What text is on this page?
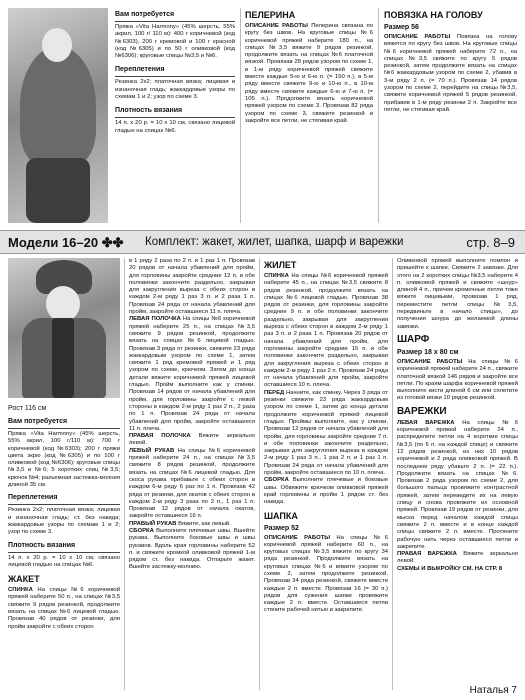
Вам потребуется

Пряжа «Vita Harmony» (45% шерсть, 55% акрил, 100 г/ 110 м): 400 г коричневой (код №6303), 200 г кремовой и 100 г красной (код №6305) и по 50 г оливковой (код №6306); круговые спицы №3,5 и №6.

Переплетения

Резинка 2х2; платочная вязка; лицевая и изнаночная гладь; жаккардовые узоры по схемам 1 и 2; узор по схеме 3.

Плотность вязания

14 п. х 20 р. = 10 х 10 см, связано лицевой гладью на спицах №6.

ПЕЛЕРИНА

ОПИСАНИЕ РАБОТЫ Пелерина связана по кругу без швов. На круговые спицы №6 коричневой пряжей наберите 180 п., на спицах №3,5 вяжите 9 рядов резинкой, продолжите вязать на спицах №6 платочной вязкой. Провязав 28 рядов узором по схеме 1, в 1-м ряду коричневой пряжей свяжите вместе каждые 5-ю и 6-ю п. (= 150 п.), в 5-м ряду вместе свяжите 9-ю и 10-ю п., в 10-м ряду вместе свяжите каждые 6-ю и 7-ю п. (= 105 п.). Продолжите вязать коричневой пряжей узором по схеме 3. Провязав 82 ряда узором по схеме 3, свяжите резинкой и закройте все петли, не стягивая край.

ПОВЯЗКА НА ГОЛОВУ
Размер 56

ОПИСАНИЕ РАБОТЫ Повязка на голову вяжется по кругу без швов. На круговые спицы №6 коричневой пряжей наберите 72 п., на спицах №3,5 свяжите по кругу 5 рядов резинкой, затем продолжите вязать на спицах №6 жаккардовым узором по схеме 2, убавив в 3-м ряду 2 п. (= 70 п.). Провязав 14 рядов узором по схеме 2, перейдите на спицы №3,5, свяжите коричневой пряжей 5 рядов резинкой, прибавив в 1-м ряду резинки 2 п. Закройте все петли, не стягивая край.

Модели 16–20 ✤✤ Комплект: жакет, жилет, шапка, шарф и варежки	стр. 8–9
Рост 116 см
Вам потребуется

Пряжа «Vita Harmony» (45% шерсть, 55% акрил, 100 г/110 м): 700 г коричневой (код №6303); 200 г пряжи цвета экрю (код №6305) и по 100 г оливковой (код №6306); круговые спицы №3,5 и №6; 5 коротких спиц №3,5; крючок №4; разъемная застежка-молния длиной 35 см.

Переплетения

Резинка 2х2; платочная вязка; лицевая и изнаночная гладь; ст. без накида; жаккардовые узоры по схемам 1 и 2; узор по схеме 3.

Плотность вязания

14 п. х 20 р. = 10 х 10 см, связано лицевой гладью на спицах №6.

ЖАКЕТ

СПИНКА На спицы №6 коричневой пряжей наберите 50 п., на спицах №3,5 свяжите 9 рядов резинкой, продолжите вязать на спицах №6 лицевой гладью. Провязав 40 рядов от резинки, для пройм закройте с обеих сторон

в 1 ряду 2 раза по 2 п. и 1 раз 1 п. Провязав 20 рядов от начала убавлений для пройм, для горловины закройте средние 12 п. и обе половинки закончите раздельно, закрывая для закругления выреза с обеих сторон в каждом 2-м ряду 1 раз 3 п. и 2 раза 1 п. Провязав 24 ряда от начала убавлений для пройм, закройте оставшиеся 11 п. плеча.

ЛЕВАЯ ПОЛОЧКА На спицы №6 коричневой пряжей наберите 25 п., на спицах №3,5 свяжите 9 рядов резинкой, продолжите вязать на спицах №6 лицевой гладью. Провязав 3 ряда от резинки, свяжите 23 ряда жаккардовым узором по схеме 1, затем свяжите 1 ряд кремовой пряжей и 1 ряд узором по схеме, крючком. Затем до конца детали вяжите коричневой пряжей лицевой гладью. Пройм выполните как у спинки. Провязав 14 рядов от начала убавлений для пройм, для горловины закройте с левой стороны в каждом 2-м ряду 1 раз 2 п., 2 раза по 1 п. Провязав 24 ряда от начала убавлений для пройм, закройте оставшиеся 11 п. плеча.

ПРАВАЯ ПОЛОЧКА Вяжите зеркально левой.

ЛЕВЫЙ РУКАВ На спицы №6 коричневой пряжей наберите 24 п., на спицах №3,5 свяжите 8 рядов резинкой, продолжите вязать на спицах №6 лицевой гладью. Для скоса рукава прибавьте с обеих сторон в каждом 6-м ряду 6 раз по 1 п. Провязав 42 ряда от резинки, для окатов с обеих сторон в каждом 2-м ряду 3 раза по 2 п., 1 раз 1 п. Провязав 12 рядов от начала окатов, закройте оставшиеся 16 п.

ПРАВЫЙ РУКАВ Вяжите, как левый.

СБОРКА Выполните плечевые швы. Вшейте рукава. Выполните боковые швы и швы рукавов. Вдоль края горловины наберите 52 п. и свяжите кромкой оливковой пряжей 1-м рядом ст. без накида. Отпарьте жакет. Вшейте застежку-молнию.

ЖИЛЕТ

СПИНКА На спицы №6 коричневой пряжей наберите 45 п., на спицах №3,5 свяжите 8 рядов резинкой, продолжите вязать на спицах №6 лицевой гладью. Провязав 38 рядов от резинки, для горловины закройте средние 9 п. и обе половинки закончите раздельно, закрывая для закругления выреза с обеих сторон в каждом 2-м ряду 1 раз 3 п. и 2 раза 1 п. Провязав 20 рядов от начала убавлений для пройм, для горловины закройте средние 15 п. и обе половинки закончите раздельно, закрывая для закругления выреза с обеих сторон в каждом 2-м ряду 1 раз 2 п. Провязав 24 ряда от начала убавлений для пройм, закройте оставшиеся 10 п. плеча.

ПЕРЕД Начните, как спинку. Через 3 ряда от резинки свяжите 23 ряда жаккардовым узором по схеме 1, затем до конца детали продолжите коричневой пряжей лицевой гладью. Проймы выполните, как у спинки. Провязав 12 рядов от начала убавлений для пройм, для горловины закройте средние 7 п. и обе половинки закончите раздельно, закрывая для закругления выреза в каждом 2-м ряду 1 раз 3 п., 1 раз 2 п. и 1 раз 1 п. Провязав 24 ряда от начала убавлений для пройм, закройте оставшиеся по 10 п. плеча.

СБОРКА Выполните плечевые и боковые швы. Обвяжите крючком оливковой пряжей край горловины и пройм 1 рядом ст. без накида.

ШАПКА
Размер 52

ОПИСАНИЕ РАБОТЫ На спицы №6 коричневой пряжей наберите 60 п., на круговых спицах №3,5 вяжите по кругу 34 ряда резинкой. Продолжите вязать на круговых спицах №6 и вяжите узором по схеме 2, затем продолжите резинкой. Провязав 34 ряда резинкой, свяжите вместе каждые 2 п. вместе. Провязав 16 (= 30 п.) рядов для сужения шапки провяжите каждые 2 п. вместе. Оставшиеся петли стяните рабочей нитью и закрепите.

Оливковой пряжей выполните помпон и пришейте к шапке. Свяжите 2 завязки. Для этого на 2 коротких спицы №3,5 наберите 4 п. оливковой пряжей и свяжите «шнур» длиной 4 п., причем кромочные петли тоже вяжите лицевыми, провязав 1 ряд, переместите петли спицы №3,5, передвиньте в начало спицы», до получения шнура до желаемой длины завязки.

ШАРФ
Размер 18 х 80 см

ОПИСАНИЕ РАБОТЫ На спицы №6 коричневой пряжей наберите 24 п., свяжите платочной вязкой 146 рядов и закройте все петли. По краям шарфа коричневой пряжей выполните кисти длиной 6 см или сплетите из готовой вязки 10 рядов резинкой.

ВАРЕЖКИ

ЛЕВАЯ ВАРЕЖКА На спицы №6 коричневой пряжей наберите 24 п., распределите петли на 4 короткие спицы №3,5 (по 6 п. на каждой спице) и свяжите 12 рядов резинкой, из них 10 рядов коричневой и 2 ряда оливковой пряжей. В последнем ряду убавьте 2 п. (= 22 п.). Продолжите вязать на спицах №6. Провязав 2 ряда узором по схеме 2, для большого пальца провяжите контрастной пряжей, затем переведите их на левую спицу и снова провяжите их основной пряжей. Провязав 19 рядов от резинки, для мыска перед началом каждой спицы свяжите 2 п. вместе и в конце каждой спицы свяжите 2 п. вместе. Протяните рабочую нить через оставшиеся петли и закрепите.

ПРАВАЯ ВАРЕЖКА Вяжите зеркально левой.

СХЕМЫ И ВЫКРОЙКУ СМ. НА СТР. 8

Наталья 7
